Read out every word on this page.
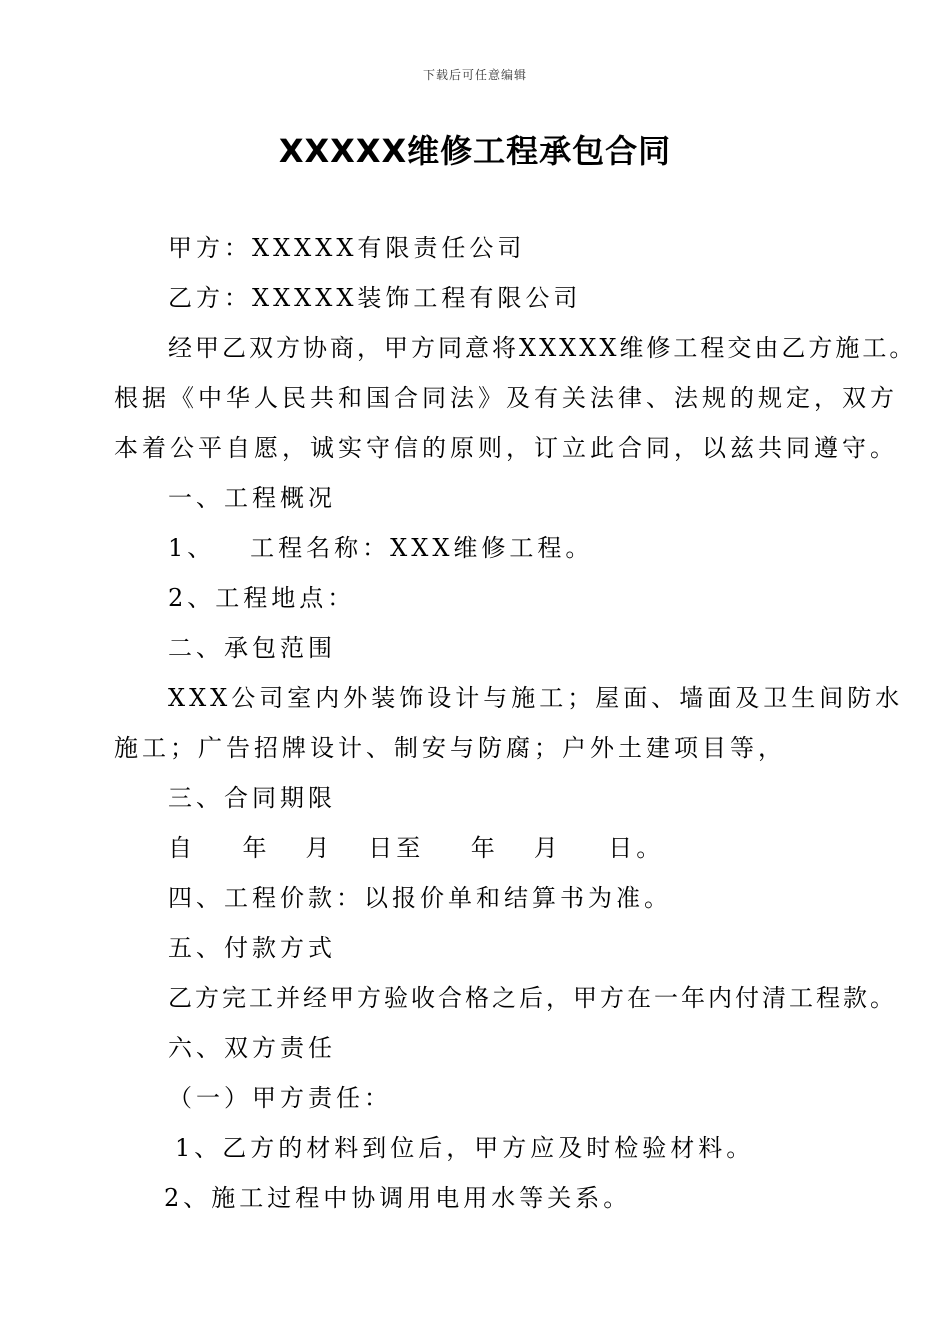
下载后可任意编辑
XXXXX维修工程承包合同
甲方：XXXXX有限责任公司
乙方：XXXXX装饰工程有限公司
经甲乙双方协商，甲方同意将XXXXX维修工程交由乙方施工。
根据《中华人民共和国合同法》及有关法律、法规的规定，双方
本着公平自愿，诚实守信的原则，订立此合同，以兹共同遵守。
一、工程概况
1、   工程名称：XXX维修工程。
2、工程地点：
二、承包范围
XXX公司室内外装饰设计与施工；屋面、墙面及卫生间防水
施工；广告招牌设计、制安与防腐；户外土建项目等，
三、合同期限
自    年   月   日至    年   月    日。
四、工程价款：以报价单和结算书为准。
五、付款方式
乙方完工并经甲方验收合格之后，甲方在一年内付清工程款。
六、双方责任
（一）甲方责任：
1、乙方的材料到位后，甲方应及时检验材料。
2、施工过程中协调用电用水等关系。
